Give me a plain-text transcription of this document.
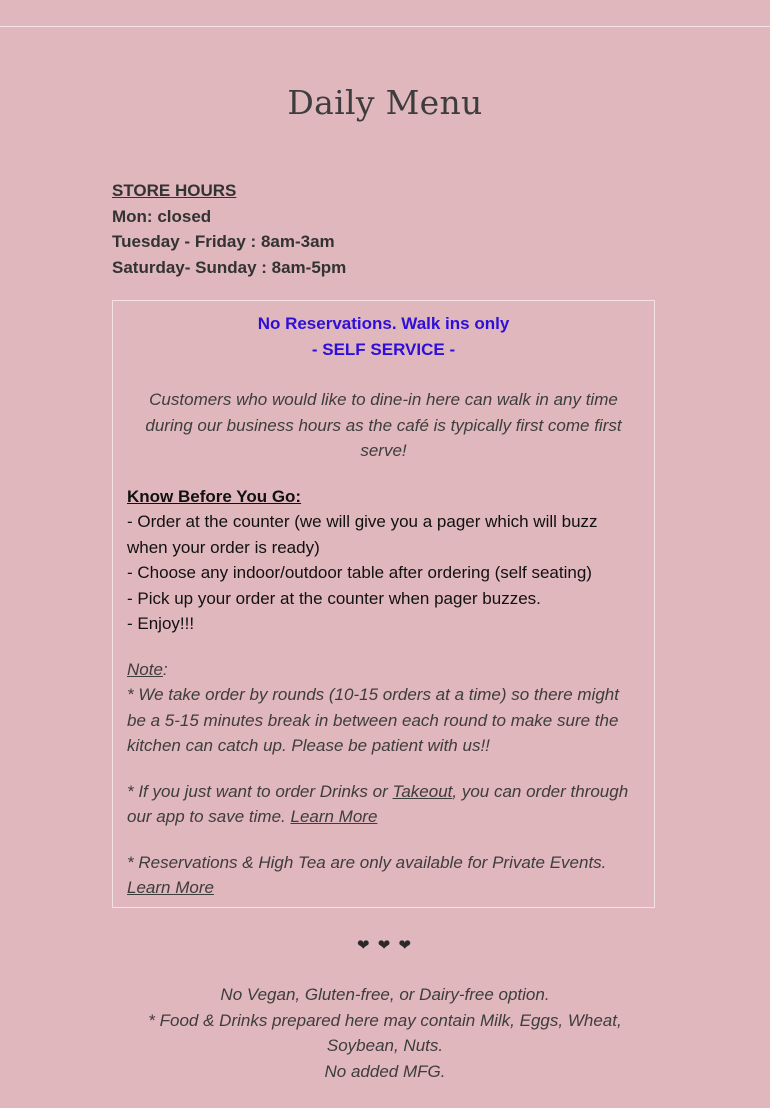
Daily Menu
STORE HOURS
Mon: closed
Tuesday - Friday : 8am-3am
Saturday- Sunday : 8am-5pm
No Reservations. Walk ins only
- SELF SERVICE -
Customers who would like to dine-in here can walk in any time during our business hours as the café is typically first come first serve!
Know Before You Go:
- Order at the counter (we will give you a pager which will buzz when your order is ready)
- Choose any indoor/outdoor table after ordering (self seating)
- Pick up your order at the counter when pager buzzes.
- Enjoy!!!
Note:
* We take order by rounds (10-15 orders at a time) so there might be a 5-15 minutes break in between each round to make sure the kitchen can catch up. Please be patient with us!!
* If you just want to order Drinks or Takeout, you can order through our app to save time. Learn More
* Reservations & High Tea are only available for Private Events. Learn More
❤ ❤ ❤
No Vegan, Gluten-free, or Dairy-free option.
* Food & Drinks prepared here may contain Milk, Eggs, Wheat, Soybean, Nuts.
No added MFG.
